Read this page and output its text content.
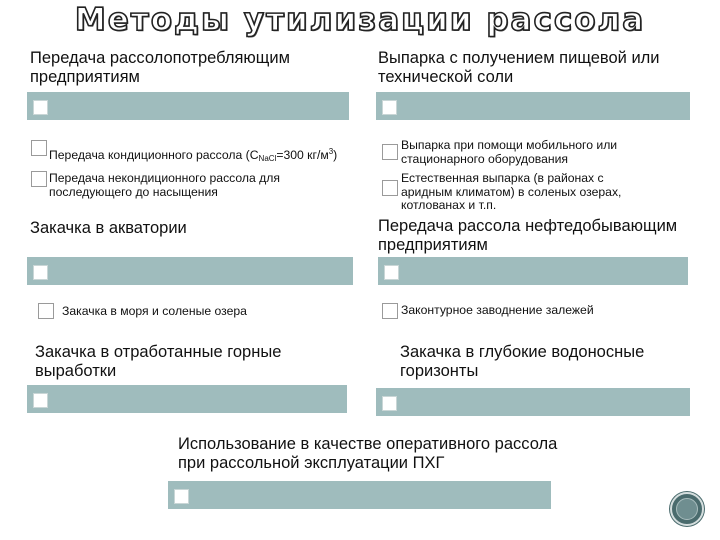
Методы утилизации рассола
Передача рассолопотребляющим предприятиям
Передача кондиционного рассола ($С_{NaCl}=300$ $кг/м^3$)
Передача некондиционного рассола для последующего до насыщения
Закачка в акватории
Закачка в моря и соленые озера
Закачка в отработанные горные выработки
Выпарка с получением пищевой или технической соли
Выпарка при помощи мобильного или стационарного оборудования
Естественная выпарка (в районах с аридным климатом) в соленых озерах, котлованах и т.п.
Передача рассола нефтедобывающим предприятиям
Законтурное заводнение залежей
Закачка в глубокие водоносные горизонты
Использование в качестве оперативного рассола при рассольной эксплуатации ПХГ
